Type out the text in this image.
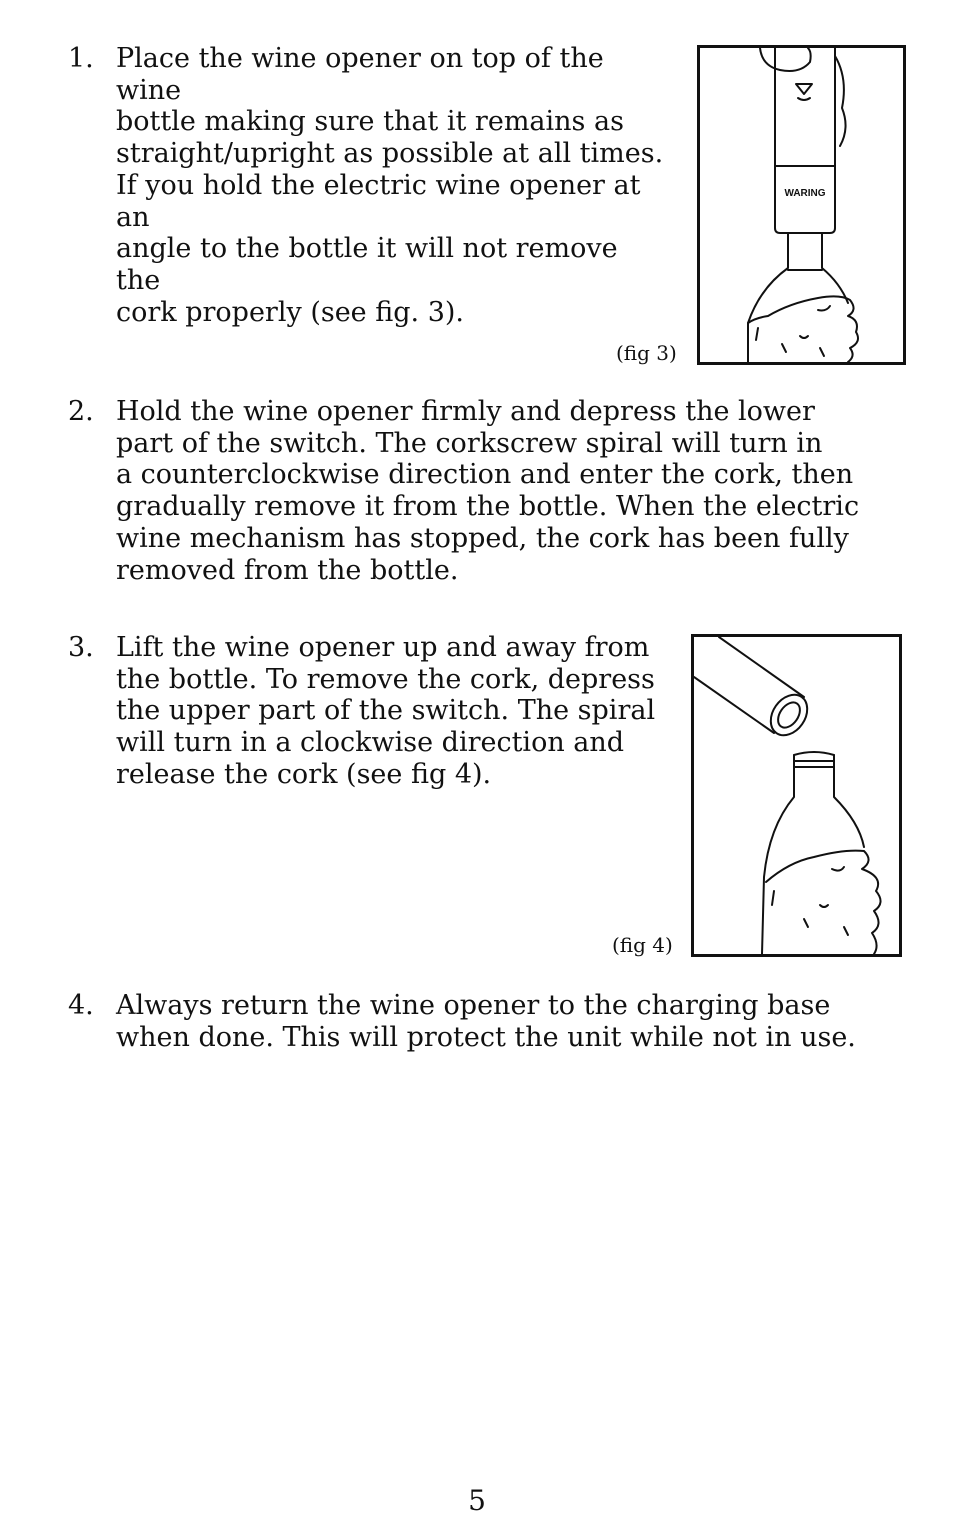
1. Place the wine opener on top of the wine
bottle making sure that it remains as
straight/upright as possible at all times.
If you hold the electric wine opener at an
angle to the bottle it will not remove the
cork properly (see fig. 3).
WARING
(fig 3)
2. Hold the wine opener firmly and depress the lower
part of the switch. The corkscrew spiral will turn in
a counterclockwise direction and enter the cork, then
gradually remove it from the bottle. When the electric
wine mechanism has stopped, the cork has been fully
removed from the bottle.
3. Lift the wine opener up and away from
the bottle. To remove the cork, depress
the upper part of the switch. The spiral
will turn in a clockwise direction and
release the cork (see fig 4).
(fig 4)
4. Always return the wine opener to the charging base
when done. This will protect the unit while not in use.
5
